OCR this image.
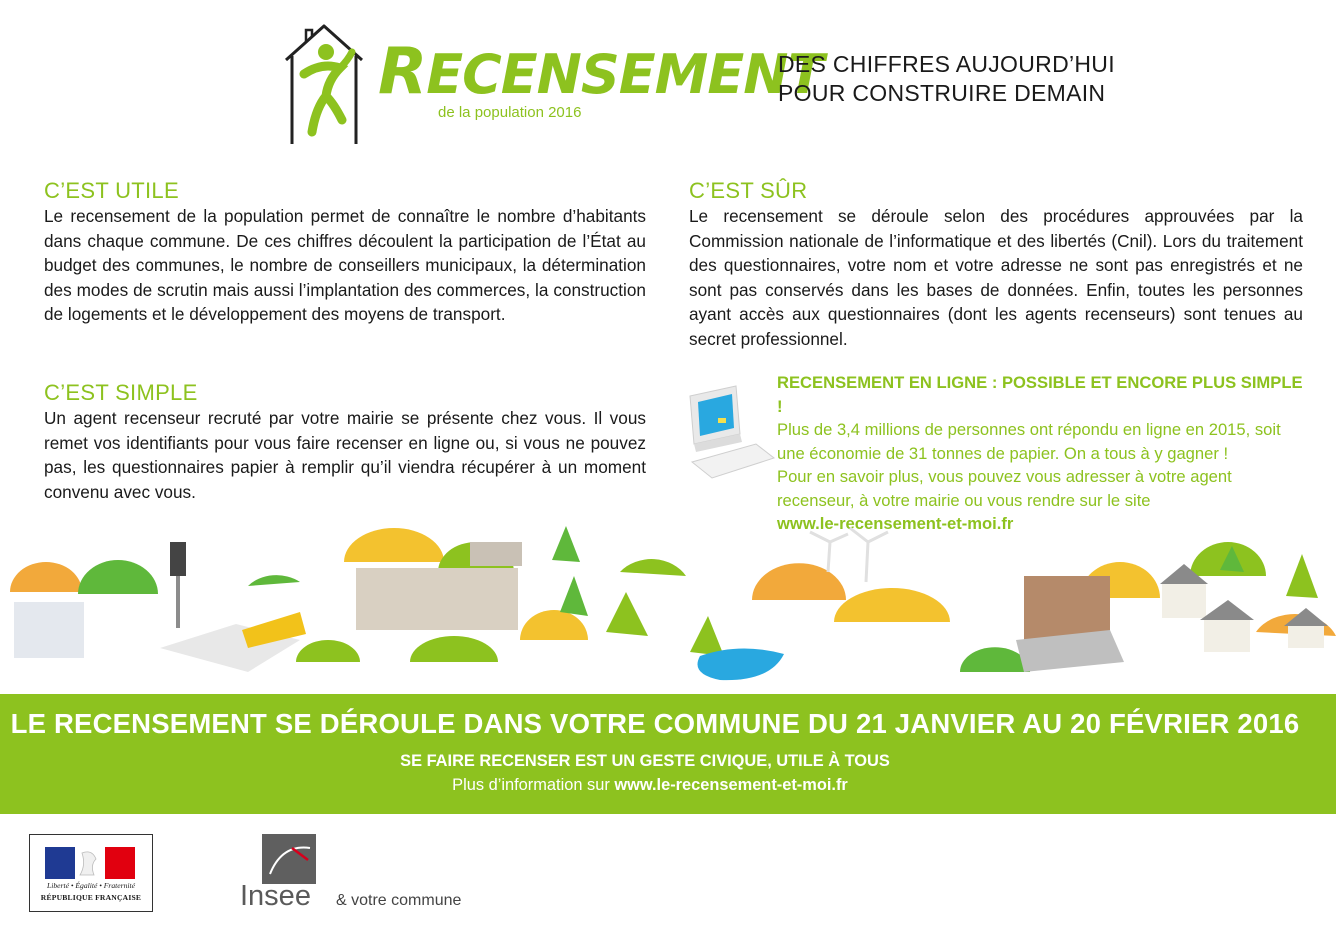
RECENSEMENT
de la population 2016
DES CHIFFRES AUJOURD’HUI
POUR CONSTRUIRE DEMAIN
C’EST UTILE
Le recensement de la population permet de connaître le nombre d’habitants dans chaque commune. De ces chiffres découlent la participation de l’État au budget des communes, le nombre de conseillers municipaux, la détermination des modes de scrutin mais aussi l’implantation des commerces, la construction de logements et le développement des moyens de transport.
C’EST SIMPLE
Un agent recenseur recruté par votre mairie se présente chez vous. Il vous remet vos identifiants pour vous faire recenser en ligne ou, si vous ne pouvez pas, les questionnaires papier à remplir qu’il viendra récupérer à un moment convenu avec vous.
C’EST SÛR
Le recensement se déroule selon des procédures approuvées par la Commission nationale de l’informatique et des libertés (Cnil). Lors du traitement des questionnaires, votre nom et votre adresse ne sont pas enregistrés et ne sont pas conservés dans les bases de données. Enfin, toutes les personnes ayant accès aux questionnaires (dont les agents recenseurs) sont tenues au secret professionnel.
RECENSEMENT EN LIGNE : POSSIBLE ET ENCORE PLUS SIMPLE !
Plus de 3,4 millions de personnes ont répondu en ligne en 2015, soit une économie de 31 tonnes de papier. On a tous à y gagner !
Pour en savoir plus, vous pouvez vous adresser à votre agent recenseur, à votre mairie ou vous rendre sur le site
www.le-recensement-et-moi.fr
LE RECENSEMENT SE DÉROULE DANS VOTRE COMMUNE DU 21 JANVIER AU 20 FÉVRIER 2016
SE FAIRE RECENSER EST UN GESTE CIVIQUE, UTILE À TOUS
Plus d’information sur www.le-recensement-et-moi.fr
Liberté • Égalité • Fraternité
RÉPUBLIQUE FRANÇAISE	Insee & votre commune
